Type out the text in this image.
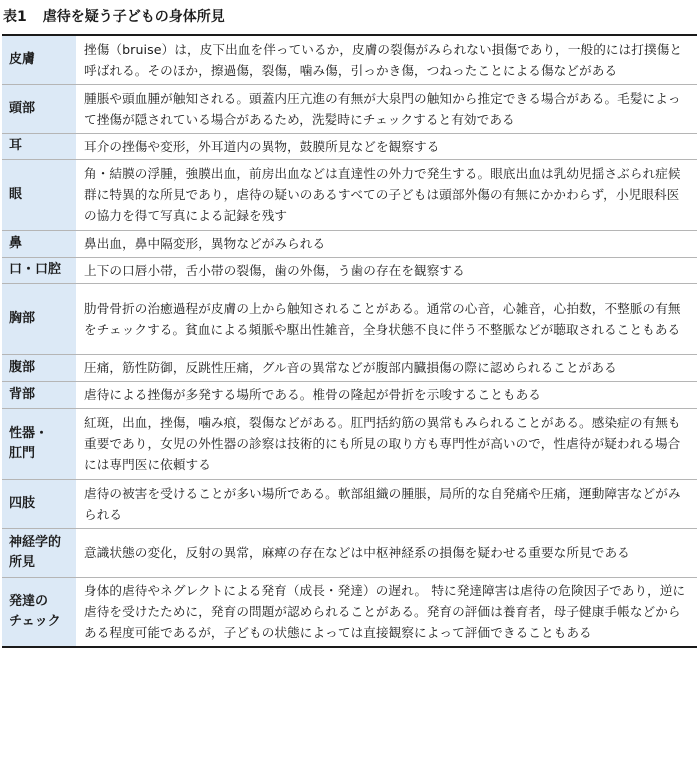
表1 虐待を疑う子どもの身体所見
皮膚	挫傷（bruise）は，皮下出血を伴っているか，皮膚の裂傷がみられない損傷であり，一般的には打撲傷と呼ばれる。そのほか，擦過傷，裂傷，噛み傷，引っかき傷，つねったことによる傷などがある

頭部	腫脹や頭血腫が触知される。頭蓋内圧亢進の有無が大泉門の触知から推定できる場合がある。毛髪によって挫傷が隠されている場合があるため，洗髪時にチェックすると有効である

耳	耳介の挫傷や変形，外耳道内の異物，鼓膜所見などを観察する

眼	角・結膜の浮腫，強膜出血，前房出血などは直達性の外力で発生する。眼底出血は乳幼児揺さぶられ症候群に特異的な所見であり，虐待の疑いのあるすべての子どもは頭部外傷の有無にかかわらず，小児眼科医の協力を得て写真による記録を残す

鼻	鼻出血，鼻中隔変形，異物などがみられる

口・口腔	上下の口唇小帯，舌小帯の裂傷，歯の外傷，う歯の存在を観察する

胸部	肋骨骨折の治癒過程が皮膚の上から触知されることがある。通常の心音，心雑音，心拍数，不整脈の有無をチェックする。貧血による頻脈や駆出性雑音，全身状態不良に伴う不整脈などが聴取されることもある

腹部	圧痛，筋性防御，反跳性圧痛，グル音の異常などが腹部内臓損傷の際に認められることがある

背部	虐待による挫傷が多発する場所である。椎骨の隆起が骨折を示唆することもある

性器・
肛門	紅斑，出血，挫傷，噛み痕，裂傷などがある。肛門括約筋の異常もみられることがある。感染症の有無も重要であり，女児の外性器の診察は技術的にも所見の取り方も専門性が高いので，性虐待が疑われる場合には専門医に依頼する

四肢	虐待の被害を受けることが多い場所である。軟部組織の腫脹，局所的な自発痛や圧痛，運動障害などがみられる

神経学的
所見	意識状態の変化，反射の異常，麻痺の存在などは中枢神経系の損傷を疑わせる重要な所見である

発達の
チェック	身体的虐待やネグレクトによる発育（成長・発達）の遅れ。 特に発達障害は虐待の危険因子であり，逆に虐待を受けたために，発育の問題が認められることがある。発育の評価は養育者，母子健康手帳などからある程度可能であるが，子どもの状態によっては直接観察によって評価できることもある
